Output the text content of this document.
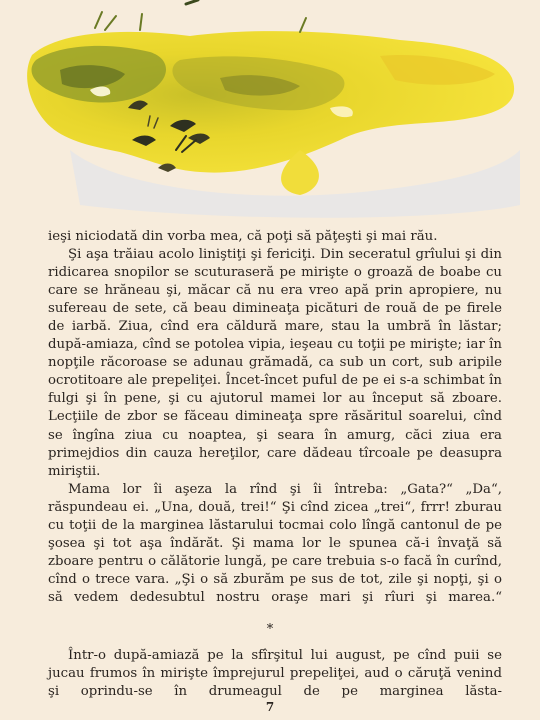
ieşi niciodată din vorba mea, că poţi să păţeşti şi mai rău.

Şi aşa trăiau acolo liniştiţi şi fericiţi. Din seceratul grîului şi din ridicarea snopilor se scuturaseră pe mirişte o groază de boabe cu care se hrăneau şi, măcar că nu era vreo apă prin apropiere, nu sufereau de sete, că beau dimineaţa picături de rouă de pe firele de iarbă. Ziua, cînd era căldură mare, stau la umbră în lăstar; după-amiaza, cînd se potolea vipia, ieşeau cu toţii pe mirişte; iar în nopţile răcoroase se adunau grămadă, ca sub un cort, sub aripile ocrotitoare ale prepeliţei. Încet-încet puful de pe ei s-a schimbat în fulgi şi în pene, şi cu ajutorul mamei lor au început să zboare. Lecţiile de zbor se făceau dimineaţa spre răsăritul soarelui, cînd se îngîna ziua cu noaptea, şi seara în amurg, căci ziua era primejdios din cauza hereţilor, care dădeau tîrcoale pe deasupra miriştii.

Mama lor îi aşeza la rînd şi îi întreba: „Gata?“ „Da“, răspundeau ei. „Una, două, trei!“ Şi cînd zicea „trei“, frrr! zburau cu toţii de la marginea lăstarului tocmai colo lîngă cantonul de pe şosea şi tot aşa îndărăt. Şi mama lor le spunea că-i învaţă să zboare pentru o călătorie lungă, pe care trebuia s-o facă în curînd, cînd o trece vara. „Şi o să zburăm pe sus de tot, zile şi nopţi, şi o să vedem dedesubtul nostru oraşe mari şi rîuri şi marea.“

*

Într-o după-amiază pe la sfîrşitul lui august, pe cînd puii se jucau frumos în mirişte împrejurul prepeliţei, aud o căruţă venind şi oprindu-se în drumeagul de pe marginea lăsta-

7
